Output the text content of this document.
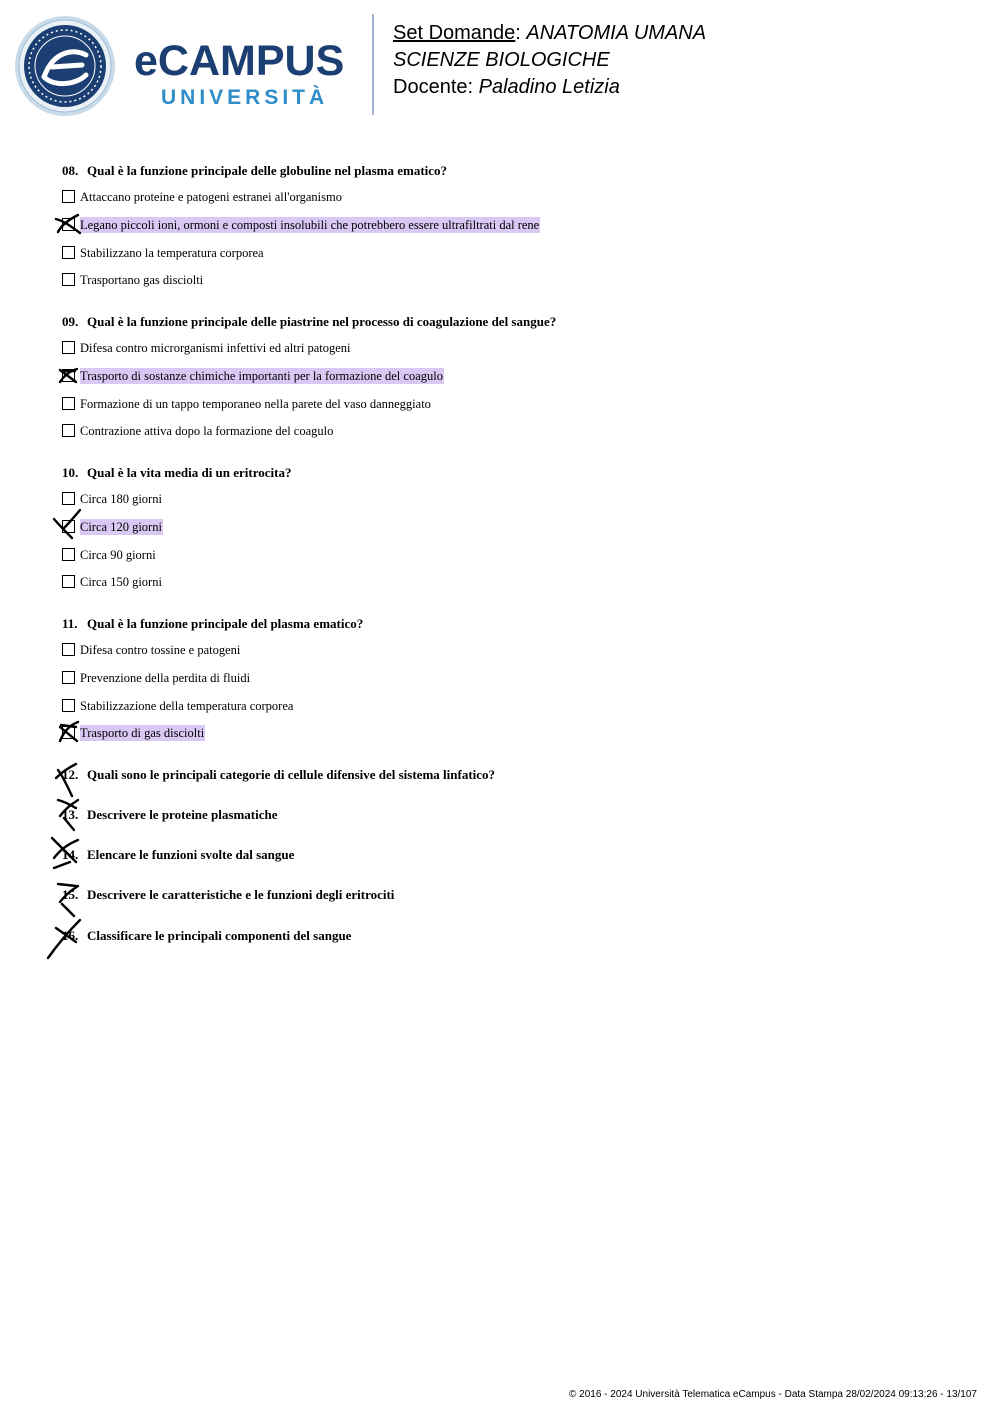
eCAMPUS
UNIVERSITÀ
Set Domande: ANATOMIA UMANA
SCIENZE BIOLOGICHE
Docente: Paladino Letizia
08. Qual è la funzione principale delle globuline nel plasma ematico?
Attaccano proteine e patogeni estranei all'organismo
Legano piccoli ioni, ormoni e composti insolubili che potrebbero essere ultrafiltrati dal rene
Stabilizzano la temperatura corporea
Trasportano gas disciolti
09. Qual è la funzione principale delle piastrine nel processo di coagulazione del sangue?
Difesa contro microrganismi infettivi ed altri patogeni
Trasporto di sostanze chimiche importanti per la formazione del coagulo
Formazione di un tappo temporaneo nella parete del vaso danneggiato
Contrazione attiva dopo la formazione del coagulo
10. Qual è la vita media di un eritrocita?
Circa 180 giorni
Circa 120 giorni
Circa 90 giorni
Circa 150 giorni
11. Qual è la funzione principale del plasma ematico?
Difesa contro tossine e patogeni
Prevenzione della perdita di fluidi
Stabilizzazione della temperatura corporea
Trasporto di gas disciolti
12. Quali sono le principali categorie di cellule difensive del sistema linfatico?
13. Descrivere le proteine plasmatiche
14. Elencare le funzioni svolte dal sangue
15. Descrivere le caratteristiche e le funzioni degli eritrociti
16. Classificare le principali componenti del sangue
© 2016 - 2024 Università Telematica eCampus - Data Stampa 28/02/2024 09:13:26 - 13/107
